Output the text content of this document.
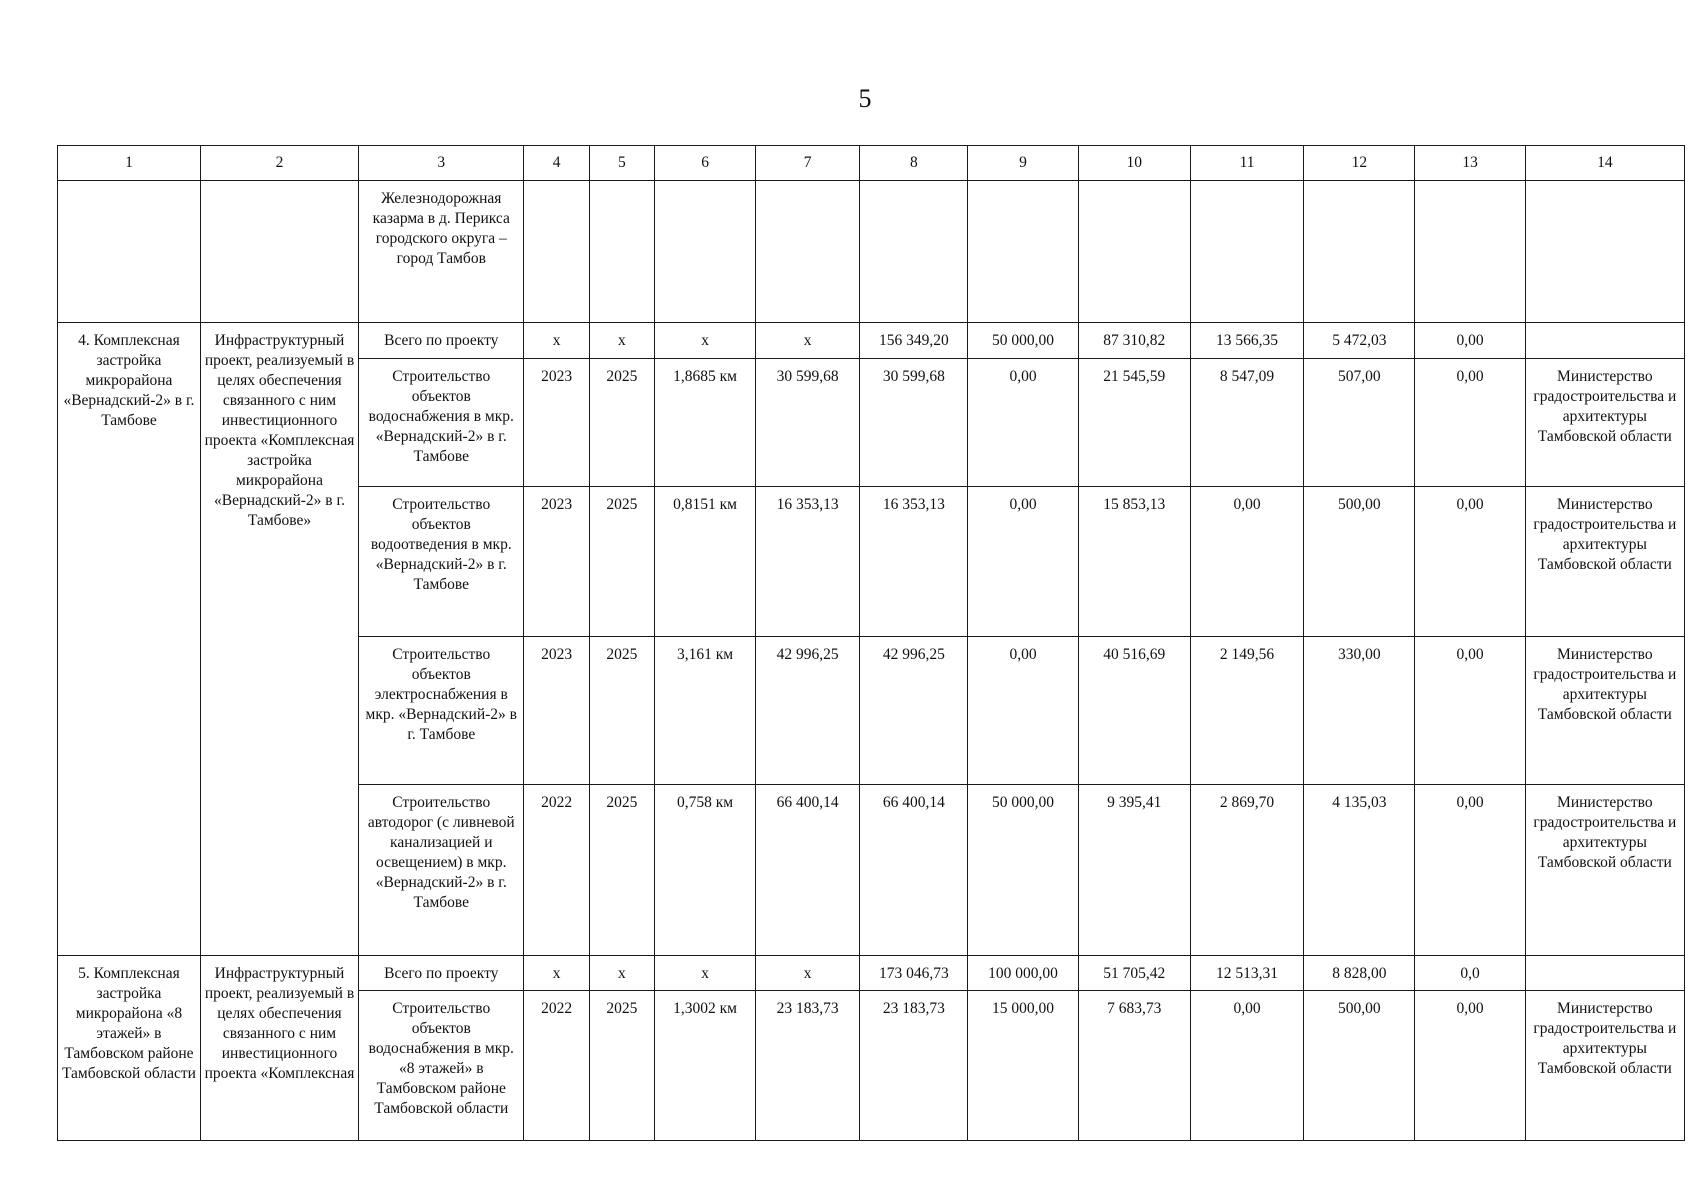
5
1	2	3	4	5	6	7	8	9	10	11	12	13	14
		Железнодорожная казарма в д. Перикса городского округа – город Тамбов											
4. Комплексная застройка микрорайона «Вернадский-2» в г. Тамбове	Инфраструктурный проект, реализуемый в целях обеспечения связанного с ним инвестиционного проекта «Комплексная застройка микрорайона «Вернадский-2» в г. Тамбове»	Всего по проекту	x	x	x	x	156 349,20	50 000,00	87 310,82	13 566,35	5 472,03	0,00	
		Строительство объектов водоснабжения в мкр. «Вернадский-2» в г. Тамбове	2023	2025	1,8685 км	30 599,68	30 599,68	0,00	21 545,59	8 547,09	507,00	0,00	Министерство градостроительства и архитектуры Тамбовской области
		Строительство объектов водоотведения в мкр. «Вернадский-2» в г. Тамбове	2023	2025	0,8151 км	16 353,13	16 353,13	0,00	15 853,13	0,00	500,00	0,00	Министерство градостроительства и архитектуры Тамбовской области
		Строительство объектов электроснабжения в мкр. «Вернадский-2» в г. Тамбове	2023	2025	3,161 км	42 996,25	42 996,25	0,00	40 516,69	2 149,56	330,00	0,00	Министерство градостроительства и архитектуры Тамбовской области
		Строительство автодорог (с ливневой канализацией и освещением) в мкр. «Вернадский-2» в г. Тамбове	2022	2025	0,758 км	66 400,14	66 400,14	50 000,00	9 395,41	2 869,70	4 135,03	0,00	Министерство градостроительства и архитектуры Тамбовской области
5. Комплексная застройка микрорайона «8 этажей» в Тамбовском районе Тамбовской области	Инфраструктурный проект, реализуемый в целях обеспечения связанного с ним инвестиционного проекта «Комплексная	Всего по проекту	x	x	x	x	173 046,73	100 000,00	51 705,42	12 513,31	8 828,00	0,0	
		Строительство объектов водоснабжения в мкр. «8 этажей» в Тамбовском районе Тамбовской области	2022	2025	1,3002 км	23 183,73	23 183,73	15 000,00	7 683,73	0,00	500,00	0,00	Министерство градостроительства и архитектуры Тамбовской области
